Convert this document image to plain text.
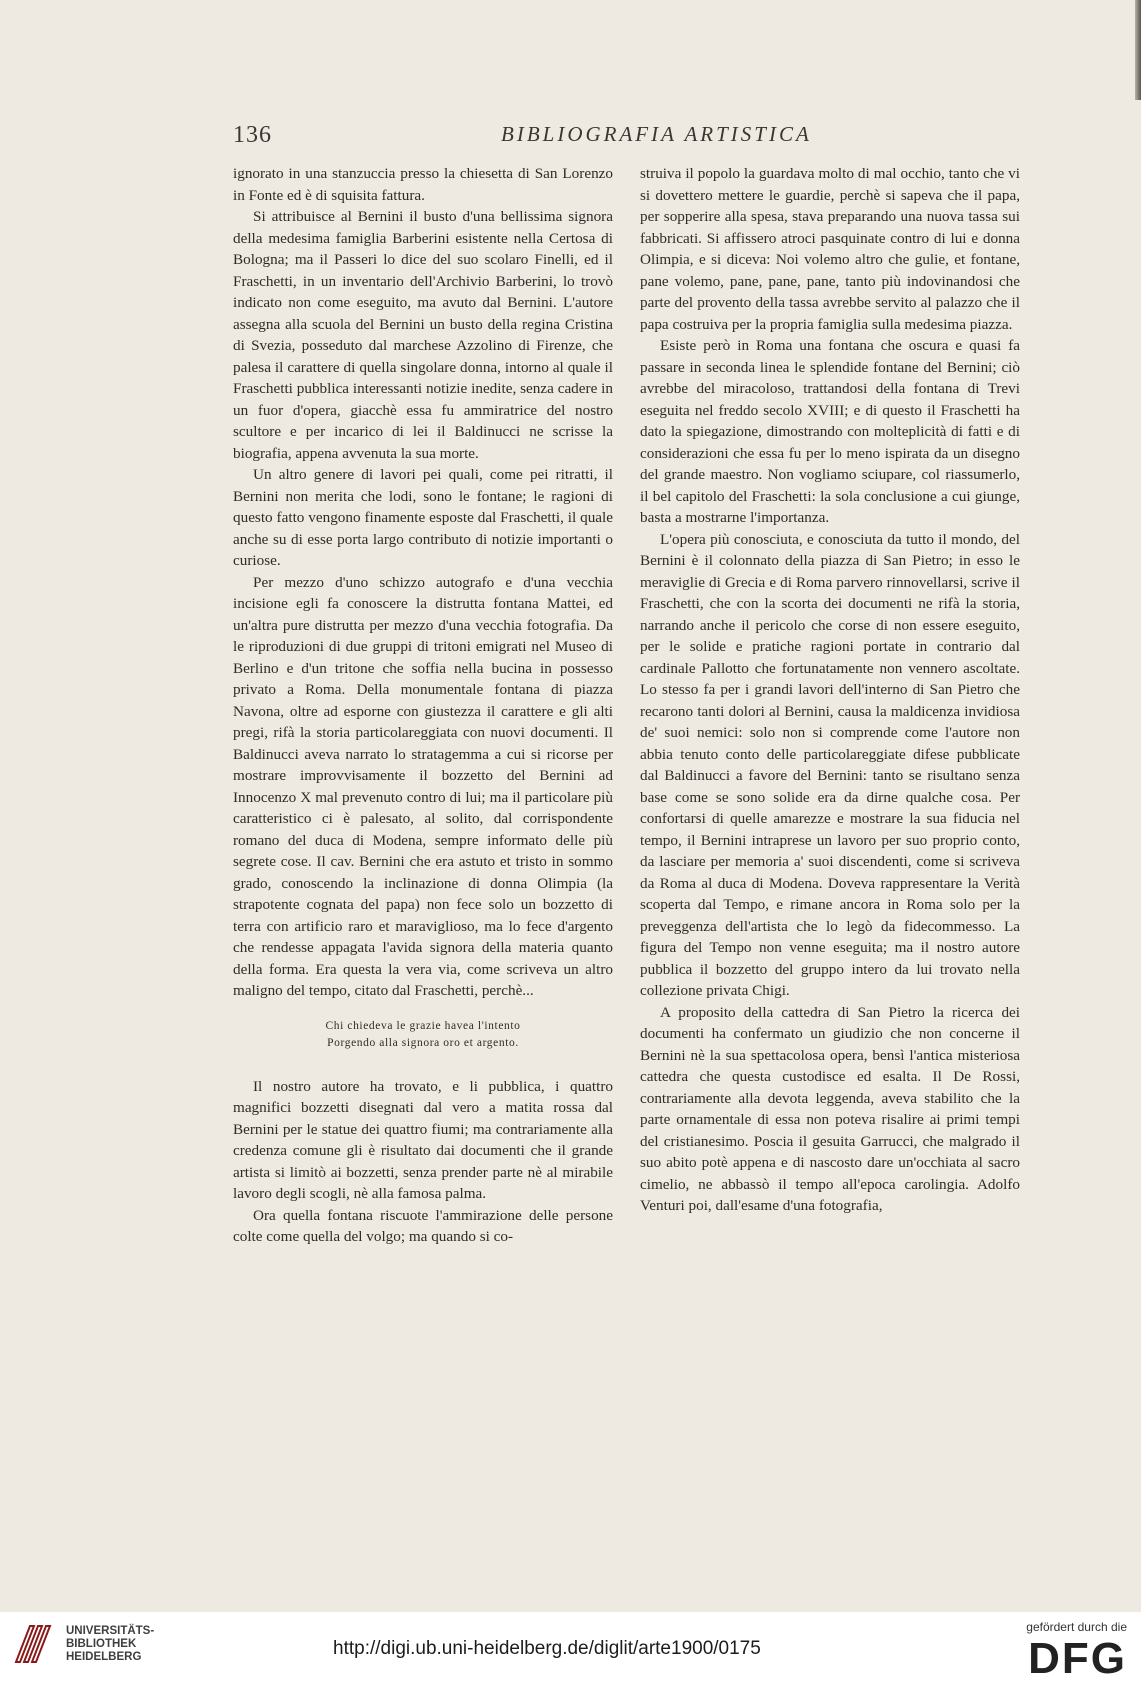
136	BIBLIOGRAFIA ARTISTICA

ignorato in una stanzuccia presso la chiesetta di San Lorenzo in Fonte ed è di squisita fattura.

Si attribuisce al Bernini il busto d'una bellissima signora della medesima famiglia Barberini esistente nella Certosa di Bologna; ma il Passeri lo dice del suo scolaro Finelli, ed il Fraschetti, in un inventario dell'Archivio Barberini, lo trovò indicato non come eseguito, ma avuto dal Bernini. L'autore assegna alla scuola del Bernini un busto della regina Cristina di Svezia, posseduto dal marchese Azzolino di Firenze, che palesa il carattere di quella singolare donna, intorno al quale il Fraschetti pubblica interessanti notizie inedite, senza cadere in un fuor d'opera, giacchè essa fu ammiratrice del nostro scultore e per incarico di lei il Baldinucci ne scrisse la biografia, appena avvenuta la sua morte.

Un altro genere di lavori pei quali, come pei ritratti, il Bernini non merita che lodi, sono le fontane; le ragioni di questo fatto vengono finamente esposte dal Fraschetti, il quale anche su di esse porta largo contributo di notizie importanti o curiose.

Per mezzo d'uno schizzo autografo e d'una vecchia incisione egli fa conoscere la distrutta fontana Mattei, ed un'altra pure distrutta per mezzo d'una vecchia fotografia. Da le riproduzioni di due gruppi di tritoni emigrati nel Museo di Berlino e d'un tritone che soffia nella bucina in possesso privato a Roma. Della monumentale fontana di piazza Navona, oltre ad esporne con giustezza il carattere e gli alti pregi, rifà la storia particolareggiata con nuovi documenti. Il Baldinucci aveva narrato lo stratagemma a cui si ricorse per mostrare improvvisamente il bozzetto del Bernini ad Innocenzo X mal prevenuto contro di lui; ma il particolare più caratteristico ci è palesato, al solito, dal corrispondente romano del duca di Modena, sempre informato delle più segrete cose. Il cav. Bernini che era astuto et tristo in sommo grado, conoscendo la inclinazione di donna Olimpia (la strapotente cognata del papa) non fece solo un bozzetto di terra con artificio raro et maraviglioso, ma lo fece d'argento che rendesse appagata l'avida signora della materia quanto della forma. Era questa la vera via, come scriveva un altro maligno del tempo, citato dal Fraschetti, perchè...

Chi chiedeva le grazie havea l'intento
Porgendo alla signora oro et argento.

Il nostro autore ha trovato, e li pubblica, i quattro magnifici bozzetti disegnati dal vero a matita rossa dal Bernini per le statue dei quattro fiumi; ma contrariamente alla credenza comune gli è risultato dai documenti che il grande artista si limitò ai bozzetti, senza prender parte nè al mirabile lavoro degli scogli, nè alla famosa palma.

Ora quella fontana riscuote l'ammirazione delle persone colte come quella del volgo; ma quando si co-

struiva il popolo la guardava molto di mal occhio, tanto che vi si dovettero mettere le guardie, perchè si sapeva che il papa, per sopperire alla spesa, stava preparando una nuova tassa sui fabbricati. Si affissero atroci pasquinate contro di lui e donna Olimpia, e si diceva: Noi volemo altro che gulie, et fontane, pane volemo, pane, pane, pane, tanto più indovinandosi che parte del provento della tassa avrebbe servito al palazzo che il papa costruiva per la propria famiglia sulla medesima piazza.

Esiste però in Roma una fontana che oscura e quasi fa passare in seconda linea le splendide fontane del Bernini; ciò avrebbe del miracoloso, trattandosi della fontana di Trevi eseguita nel freddo secolo XVIII; e di questo il Fraschetti ha dato la spiegazione, dimostrando con molteplicità di fatti e di considerazioni che essa fu per lo meno ispirata da un disegno del grande maestro. Non vogliamo sciupare, col riassumerlo, il bel capitolo del Fraschetti: la sola conclusione a cui giunge, basta a mostrarne l'importanza.

L'opera più conosciuta, e conosciuta da tutto il mondo, del Bernini è il colonnato della piazza di San Pietro; in esso le meraviglie di Grecia e di Roma parvero rinnovellarsi, scrive il Fraschetti, che con la scorta dei documenti ne rifà la storia, narrando anche il pericolo che corse di non essere eseguito, per le solide e pratiche ragioni portate in contrario dal cardinale Pallotto che fortunatamente non vennero ascoltate. Lo stesso fa per i grandi lavori dell'interno di San Pietro che recarono tanti dolori al Bernini, causa la maldicenza invidiosa de' suoi nemici: solo non si comprende come l'autore non abbia tenuto conto delle particolareggiate difese pubblicate dal Baldinucci a favore del Bernini: tanto se risultano senza base come se sono solide era da dirne qualche cosa. Per confortarsi di quelle amarezze e mostrare la sua fiducia nel tempo, il Bernini intraprese un lavoro per suo proprio conto, da lasciare per memoria a' suoi discendenti, come si scriveva da Roma al duca di Modena. Doveva rappresentare la Verità scoperta dal Tempo, e rimane ancora in Roma solo per la preveggenza dell'artista che lo legò da fidecommesso. La figura del Tempo non venne eseguita; ma il nostro autore pubblica il bozzetto del gruppo intero da lui trovato nella collezione privata Chigi.

A proposito della cattedra di San Pietro la ricerca dei documenti ha confermato un giudizio che non concerne il Bernini nè la sua spettacolosa opera, bensì l'antica misteriosa cattedra che questa custodisce ed esalta. Il De Rossi, contrariamente alla devota leggenda, aveva stabilito che la parte ornamentale di essa non poteva risalire ai primi tempi del cristianesimo. Poscia il gesuita Garrucci, che malgrado il suo abito potè appena e di nascosto dare un'occhiata al sacro cimelio, ne abbassò il tempo all'epoca carolingia. Adolfo Venturi poi, dall'esame d'una fotografia,

UNIVERSITÄTS-
BIBLIOTHEK
HEIDELBERG	http://digi.ub.uni-heidelberg.de/diglit/arte1900/0175
gefördert durch die
DFG
